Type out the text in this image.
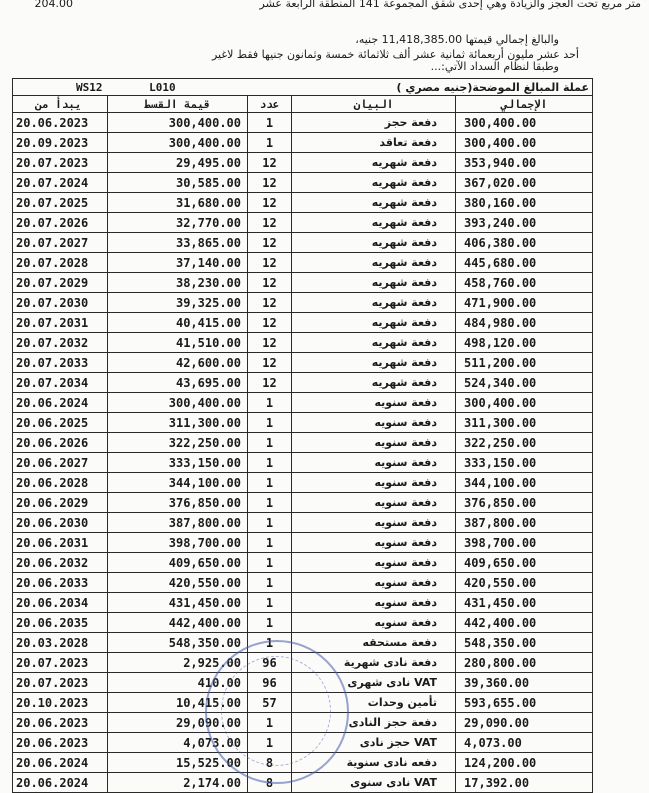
متر مربع تحت العجز والزيادة وهي إحدى شقق المجموعة 141 المنطقة الرابعة عشر
204.00
والبالغ إجمالي قيمتها 11,418,385.00 جنيه،
أحد عشر مليون أربعمائة ثمانية عشر ألف ثلاثمائة خمسة وثمانون جنيها فقط لاغير
وطبقا لنظام السداد الآتي:...
WS12 L010			عملة المبالغ الموضحة(جنيه مصري )	
يبدأ من	قيمة القسط	عدد	البيان	الإجمالي
20.06.2023	300,400.00	1	دفعة حجز	300,400.00
20.09.2023	300,400.00	1	دفعة تعاقد	300,400.00
20.07.2023	29,495.00	12	دفعة شهريه	353,940.00
20.07.2024	30,585.00	12	دفعة شهريه	367,020.00
20.07.2025	31,680.00	12	دفعة شهريه	380,160.00
20.07.2026	32,770.00	12	دفعة شهريه	393,240.00
20.07.2027	33,865.00	12	دفعة شهريه	406,380.00
20.07.2028	37,140.00	12	دفعة شهريه	445,680.00
20.07.2029	38,230.00	12	دفعة شهريه	458,760.00
20.07.2030	39,325.00	12	دفعة شهريه	471,900.00
20.07.2031	40,415.00	12	دفعة شهريه	484,980.00
20.07.2032	41,510.00	12	دفعة شهريه	498,120.00
20.07.2033	42,600.00	12	دفعة شهريه	511,200.00
20.07.2034	43,695.00	12	دفعة شهريه	524,340.00
20.06.2024	300,400.00	1	دفعة سنويه	300,400.00
20.06.2025	311,300.00	1	دفعة سنويه	311,300.00
20.06.2026	322,250.00	1	دفعة سنويه	322,250.00
20.06.2027	333,150.00	1	دفعة سنويه	333,150.00
20.06.2028	344,100.00	1	دفعة سنويه	344,100.00
20.06.2029	376,850.00	1	دفعة سنويه	376,850.00
20.06.2030	387,800.00	1	دفعة سنويه	387,800.00
20.06.2031	398,700.00	1	دفعة سنويه	398,700.00
20.06.2032	409,650.00	1	دفعة سنويه	409,650.00
20.06.2033	420,550.00	1	دفعة سنويه	420,550.00
20.06.2034	431,450.00	1	دفعة سنويه	431,450.00
20.06.2035	442,400.00	1	دفعة سنويه	442,400.00
20.03.2028	548,350.00	1	دفعة مستحقه	548,350.00
20.07.2023	2,925.00	96	دفعة نادى شهرية	280,800.00
20.07.2023	410.00	96	VAT نادى شهرى	39,360.00
20.10.2023	10,415.00	57	تأمين وحدات	593,655.00
20.06.2023	29,090.00	1	دفعة حجز النادى	29,090.00
20.06.2023	4,073.00	1	VAT حجز نادى	4,073.00
20.06.2024	15,525.00	8	دفعه نادى سنوية	124,200.00
20.06.2024	2,174.00	8	VAT نادى سنوى	17,392.00
